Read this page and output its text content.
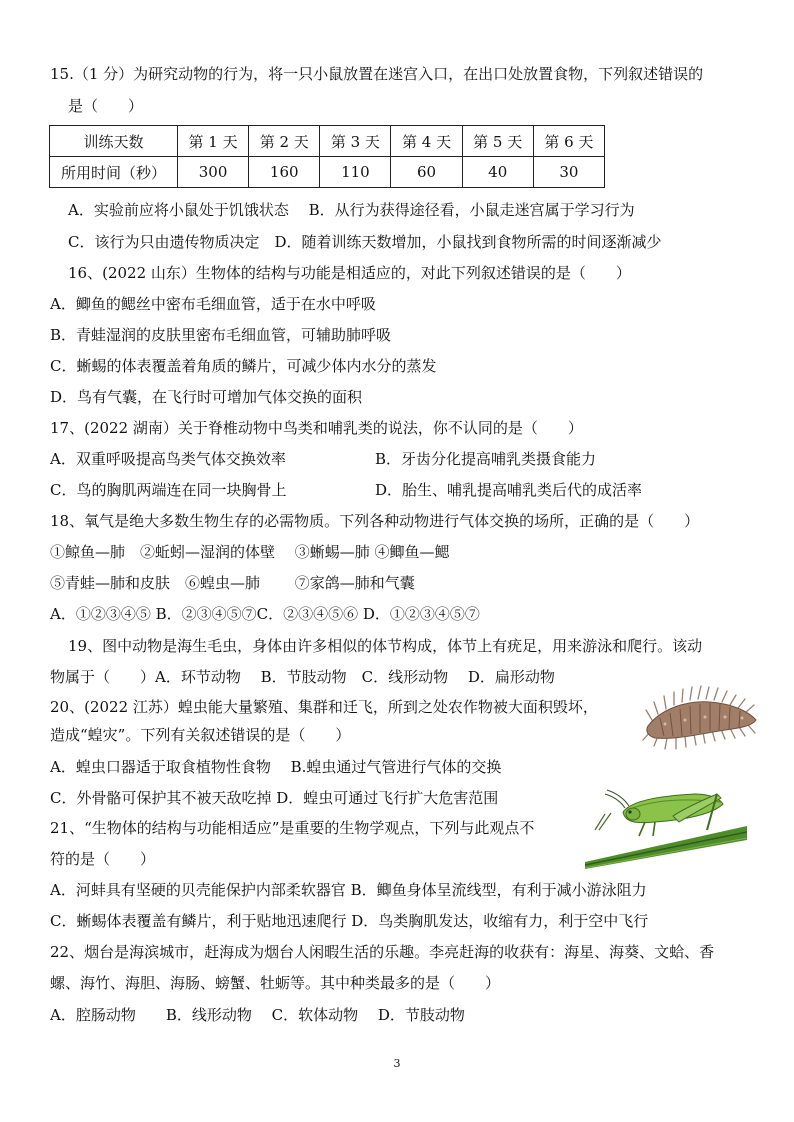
15.（1 分）为研究动物的行为，将一只小鼠放置在迷宫入口，在出口处放置食物，下列叙述错误的
是（　　）
训练天数	第 1 天	第 2 天	第 3 天	第 4 天	第 5 天	第 6 天
所用时间（秒）	300	160	110	60	40	30
A．实验前应将小鼠处于饥饿状态　 B．从行为获得途径看，小鼠走迷宫属于学习行为
C．该行为只由遗传物质决定　D．随着训练天数增加，小鼠找到食物所需的时间逐渐减少
16、(2022 山东）生物体的结构与功能是相适应的，对此下列叙述错误的是（　　）
A．鲫鱼的鳃丝中密布毛细血管，适于在水中呼吸
B．青蛙湿润的皮肤里密布毛细血管，可辅助肺呼吸
C．蜥蜴的体表覆盖着角质的鳞片，可减少体内水分的蒸发
D．鸟有气囊，在飞行时可增加气体交换的面积
17、(2022 湖南）关于脊椎动物中鸟类和哺乳类的说法，你不认同的是（　　）
A．双重呼吸提高鸟类气体交换效率	B．牙齿分化提高哺乳类摄食能力
C．鸟的胸肌两端连在同一块胸骨上	D．胎生、哺乳提高哺乳类后代的成活率
18、氧气是绝大多数生物生存的必需物质。下列各种动物进行气体交换的场所，正确的是（　　）
①鲸鱼—肺　②蚯蚓—湿润的体壁　 ③蜥蜴—肺 ④鲫鱼—鳃
⑤青蛙—肺和皮肤　⑥蝗虫—肺　　 ⑦家鸽—肺和气囊
A．①②③④⑤ B．②③④⑤⑦C．②③④⑤⑥ D．①②③④⑤⑦
19、图中动物是海生毛虫，身体由许多相似的体节构成，体节上有疣足，用来游泳和爬行。该动
物属于（　　）A．环节动物　 B．节肢动物　C．线形动物　 D．扁形动物
20、(2022 江苏）蝗虫能大量繁殖、集群和迁飞，所到之处农作物被大面积毁坏，
造成“蝗灾”。下列有关叙述错误的是（　　）
A．蝗虫口器适于取食植物性食物　 B.蝗虫通过气管进行气体的交换
C．外骨骼可保护其不被天敌吃掉 D．蝗虫可通过飞行扩大危害范围
21、“生物体的结构与功能相适应”是重要的生物学观点，下列与此观点不
符的是（　　）
A．河蚌具有坚硬的贝壳能保护内部柔软器官 B．鲫鱼身体呈流线型，有利于减小游泳阻力
C．蜥蜴体表覆盖有鳞片，利于贴地迅速爬行 D．鸟类胸肌发达，收缩有力，利于空中飞行
22、烟台是海滨城市，赶海成为烟台人闲暇生活的乐趣。李亮赶海的收获有：海星、海葵、文蛤、香
螺、海竹、海胆、海肠、螃蟹、牡蛎等。其中种类最多的是（　　）
A．腔肠动物　　B．线形动物　 C．软体动物　 D．节肢动物
3
